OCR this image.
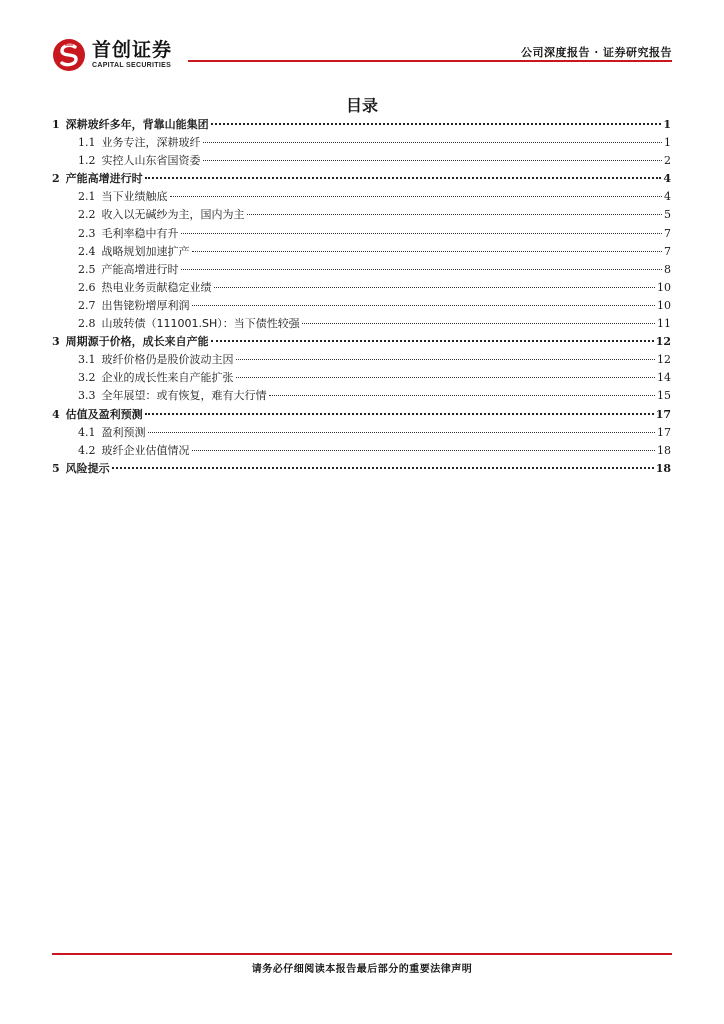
首创证券
CAPITAL SECURITIES
公司深度报告 · 证券研究报告
目录
1 深耕玻纤多年，背靠山能集团	1
1.1 业务专注，深耕玻纤	1
1.2 实控人山东省国资委	2
2 产能高增进行时	4
2.1 当下业绩触底	4
2.2 收入以无碱纱为主，国内为主	5
2.3 毛利率稳中有升	7
2.4 战略规划加速扩产	7
2.5 产能高增进行时	8
2.6 热电业务贡献稳定业绩	10
2.7 出售铑粉增厚利润	10
2.8 山玻转债（111001.SH）：当下债性较强	11
3 周期源于价格，成长来自产能	12
3.1 玻纤价格仍是股价波动主因	12
3.2 企业的成长性来自产能扩张	14
3.3 全年展望：或有恢复，难有大行情	15
4 估值及盈利预测	17
4.1 盈利预测	17
4.2 玻纤企业估值情况	18
5 风险提示	18
请务必仔细阅读本报告最后部分的重要法律声明
